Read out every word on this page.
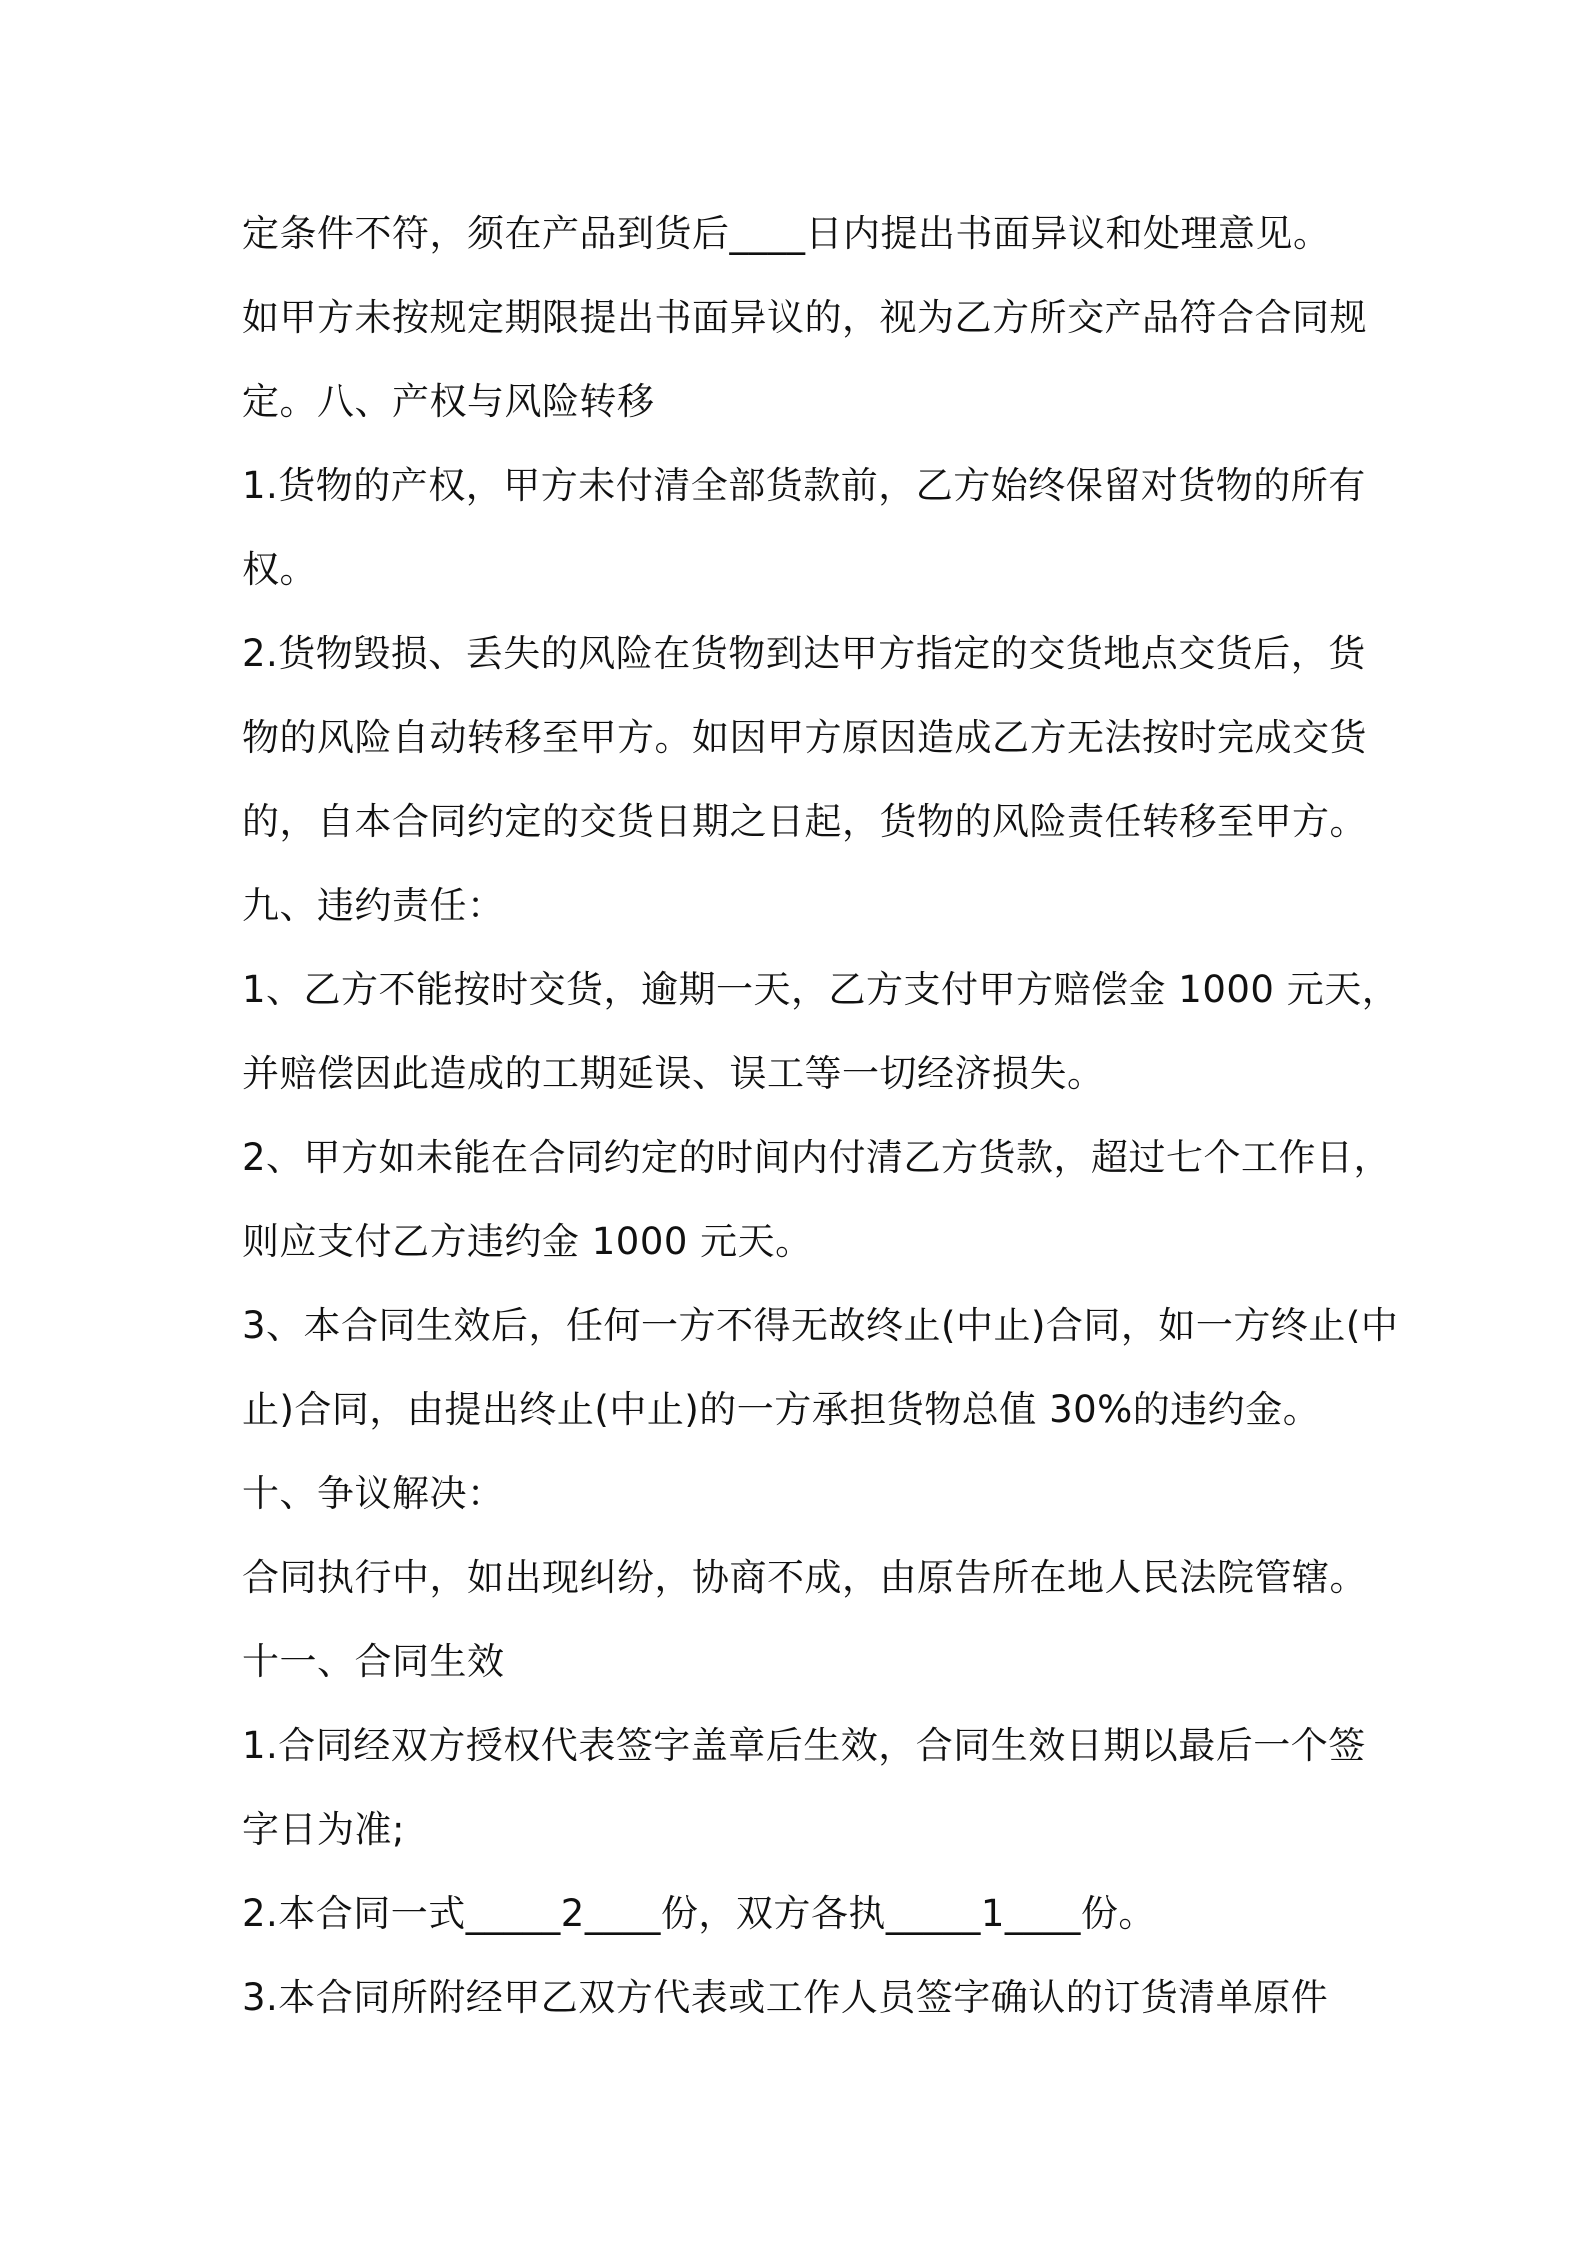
定条件不符，须在产品到货后____日内提出书面异议和处理意见。
如甲方未按规定期限提出书面异议的，视为乙方所交产品符合合同规
定。八、产权与风险转移
1.货物的产权，甲方未付清全部货款前，乙方始终保留对货物的所有
权。
2.货物毁损、丢失的风险在货物到达甲方指定的交货地点交货后，货
物的风险自动转移至甲方。如因甲方原因造成乙方无法按时完成交货
的，自本合同约定的交货日期之日起，货物的风险责任转移至甲方。
九、违约责任：
1、乙方不能按时交货，逾期一天，乙方支付甲方赔偿金 1000 元天，
并赔偿因此造成的工期延误、误工等一切经济损失。
2、甲方如未能在合同约定的时间内付清乙方货款，超过七个工作日，
则应支付乙方违约金 1000 元天。
3、本合同生效后，任何一方不得无故终止(中止)合同，如一方终止(中
止)合同，由提出终止(中止)的一方承担货物总值 30%的违约金。
十、争议解决：
合同执行中，如出现纠纷，协商不成，由原告所在地人民法院管辖。
十一、合同生效
1.合同经双方授权代表签字盖章后生效，合同生效日期以最后一个签
字日为准;
2.本合同一式_____2____份，双方各执_____1____份。
3.本合同所附经甲乙双方代表或工作人员签字确认的订货清单原件
